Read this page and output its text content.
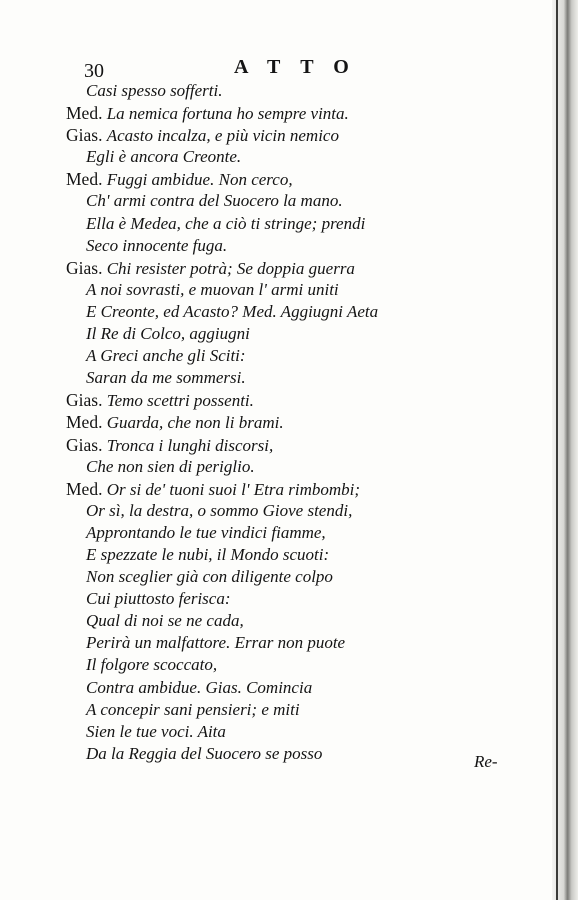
30	ATTO
Casi spesso sofferti.
Med. La nemica fortuna ho sempre vinta.
Gias. Acasto incalza, e più vicin nemico
Egli è ancora Creonte.
Med. Fuggi ambidue. Non cerco,
Ch' armi contra del Suocero la mano.
Ella è Medea, che a ciò ti stringe; prendi
Seco innocente fuga.
Gias. Chi resister potrà; Se doppia guerra
A noi sovrasti, e muovan l' armi uniti
E Creonte, ed Acasto? Med. Aggiugni Aeta
Il Re di Colco, aggiugni
A Greci anche gli Sciti:
Saran da me sommersi.
Gias. Temo scettri possenti.
Med. Guarda, che non li brami.
Gias. Tronca i lunghi discorsi,
Che non sien di periglio.
Med. Or si de' tuoni suoi l' Etra rimbombi;
Or sì, la destra, o sommo Giove stendi,
Approntando le tue vindici fiamme,
E spezzate le nubi, il Mondo scuoti:
Non sceglier già con diligente colpo
Cui piuttosto ferisca:
Qual di noi se ne cada,
Perirà un malfattore. Errar non puote
Il folgore scoccato,
Contra ambidue. Gias. Comincia
A concepir sani pensieri; e miti
Sien le tue voci. Aita
Da la Reggia del Suocero se posso	Re-
